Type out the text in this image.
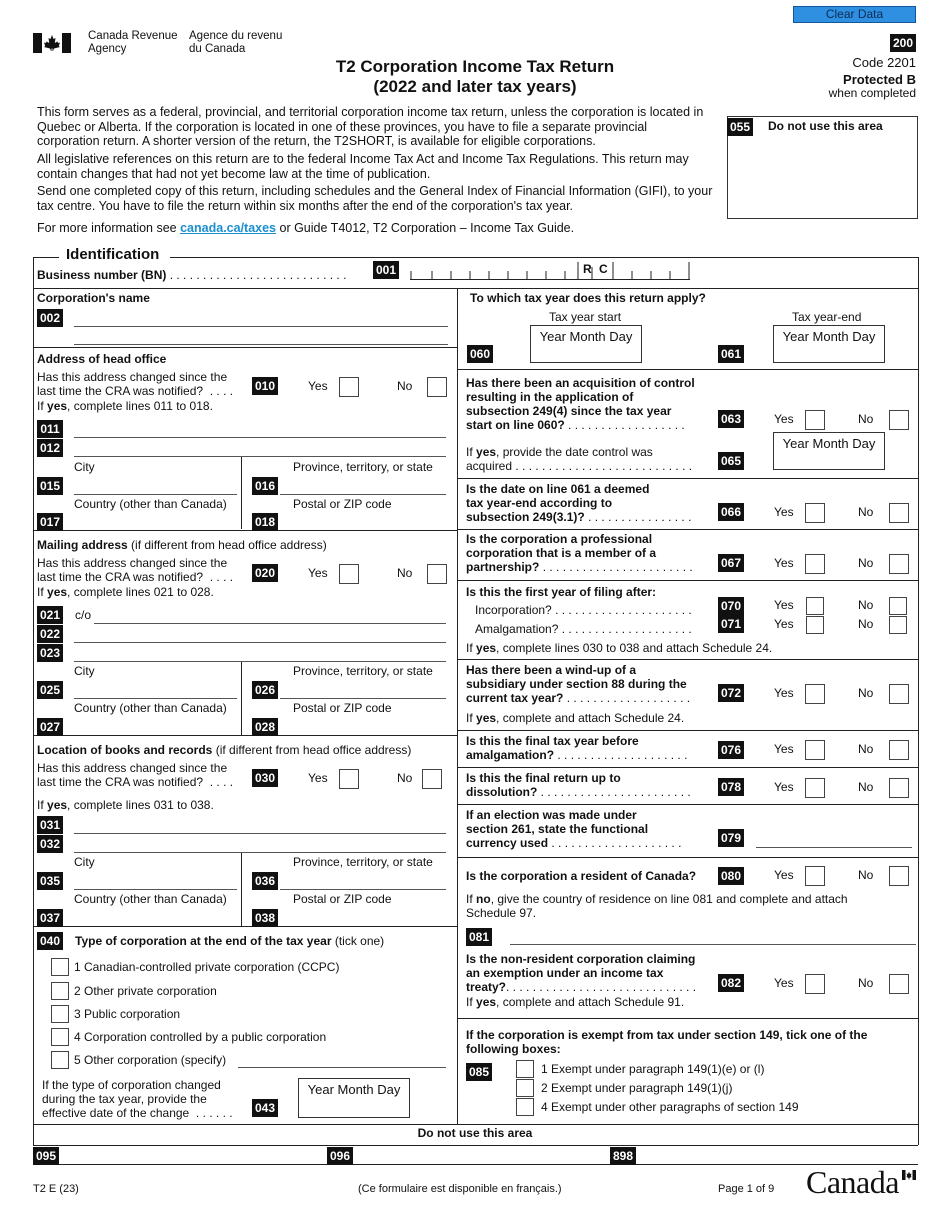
Clear Data
Canada Revenue
Agency
Agence du revenu
du Canada
T2 Corporation Income Tax Return
(2022 and later tax years)
200
Code 2201
Protected B
when completed
This form serves as a federal, provincial, and territorial corporation income tax return, unless the corporation is located in Quebec or Alberta. If the corporation is located in one of these provinces, you have to file a separate provincial corporation return. A shorter version of the return, the T2SHORT, is available for eligible corporations.
All legislative references on this return are to the federal Income Tax Act and Income Tax Regulations. This return may contain changes that had not yet become law at the time of publication.
Send one completed copy of this return, including schedules and the General Index of Financial Information (GIFI), to your tax centre. You have to file the return within six months after the end of the corporation's tax year.
For more information see canada.ca/taxes or Guide T4012, T2 Corporation – Income Tax Guide.
055 Do not use this area
Identification
Business number (BN) . . . . . . . . . . . . . . . . . . . . . . . . . . . 001	R C
Corporation's name
002
Address of head office
Has this address changed since the
last time the CRA was notified? . . . . 010	Yes	No
If yes, complete lines 011 to 018.
011
012
City	Province, territory, or state
015	016
Country (other than Canada)	Postal or ZIP code
017	018
Mailing address (if different from head office address)
Has this address changed since the
last time the CRA was notified? . . . . 020	Yes	No
If yes, complete lines 021 to 028.
021 c/o
022
023
City	Province, territory, or state
025	026
Country (other than Canada)	Postal or ZIP code
027	028
Location of books and records (if different from head office address)
Has this address changed since the
last time the CRA was notified? . . . . 030	Yes	No
If yes, complete lines 031 to 038.
031
032
City	Province, territory, or state
035	036
Country (other than Canada)	Postal or ZIP code
037	038
040 Type of corporation at the end of the tax year (tick one)
1 Canadian-controlled private corporation (CCPC)
2 Other private corporation
3 Public corporation
4 Corporation controlled by a public corporation
5 Other corporation (specify)
If the type of corporation changed
during the tax year, provide the
effective date of the change . . . . . .
Year Month Day
043
To which tax year does this return apply?
Tax year start	Tax year-end
Year Month Day	Year Month Day
060	061
Has there been an acquisition of control
resulting in the application of
subsection 249(4) since the tax year
start on line 060? . . . . . . . . . . . . . . . . . .	063	Yes	No
Year Month Day
If yes, provide the date control was
acquired . . . . . . . . . . . . . . . . . . . . . . . . . . . 065
Is the date on line 061 a deemed
tax year-end according to
subsection 249(3.1)? . . . . . . . . . . . . . . . . 066	Yes	No
Is the corporation a professional
corporation that is a member of a
partnership? . . . . . . . . . . . . . . . . . . . . . . . 067	Yes	No
Is this the first year of filing after:
Incorporation? . . . . . . . . . . . . . . . . . . . . . 070	Yes	No
Amalgamation? . . . . . . . . . . . . . . . . . . . . 071	Yes	No
If yes, complete lines 030 to 038 and attach Schedule 24.
Has there been a wind-up of a
subsidiary under section 88 during the
current tax year? . . . . . . . . . . . . . . . . . . .	072	Yes	No
If yes, complete and attach Schedule 24.
Is this the final tax year before
amalgamation? . . . . . . . . . . . . . . . . . . . .	076	Yes	No
Is this the final return up to
dissolution? . . . . . . . . . . . . . . . . . . . . . . .	078	Yes	No
If an election was made under
section 261, state the functional
currency used . . . . . . . . . . . . . . . . . . . .	079
Is the corporation a resident of Canada? 080	Yes	No
If no, give the country of residence on line 081 and complete and attach
Schedule 97.
081
Is the non-resident corporation claiming
an exemption under an income tax
treaty?. . . . . . . . . . . . . . . . . . . . . . . . . . . . . 082	Yes	No
If yes, complete and attach Schedule 91.
If the corporation is exempt from tax under section 149, tick one of the
following boxes:
085	1 Exempt under paragraph 149(1)(e) or (l)
2 Exempt under paragraph 149(1)(j)
4 Exempt under other paragraphs of section 149
Do not use this area
095	096	898
T2 E (23)	(Ce formulaire est disponible en français.)	Page 1 of 9 Canada
